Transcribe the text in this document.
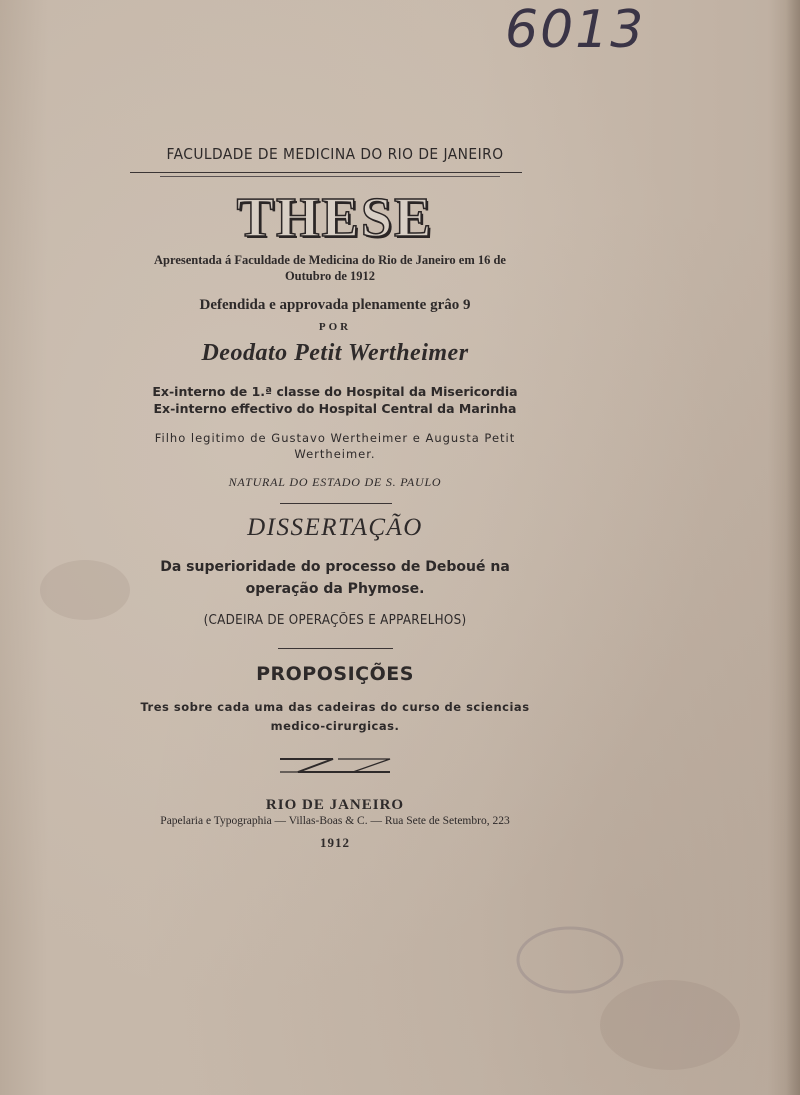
6013
FACULDADE DE MEDICINA DO RIO DE JANEIRO
THESE
Apresentada á Faculdade de Medicina do Rio de Janeiro em 16 de Outubro de 1912
Defendida e approvada plenamente grâo 9
POR
Deodato Petit Wertheimer
Ex-interno de 1.ª classe do Hospital da Misericordia
Ex-interno effectivo do Hospital Central da Marinha
Filho legitimo de Gustavo Wertheimer e Augusta Petit Wertheimer.
NATURAL DO ESTADO DE S. PAULO
DISSERTAÇÃO
Da superioridade do processo de Deboué na operação da Phymose.
(CADEIRA DE OPERAÇÕES E APPARELHOS)
PROPOSIÇÕES
Tres sobre cada uma das cadeiras do curso de sciencias medico-cirurgicas.
RIO DE JANEIRO
Papelaria e Typographia — Villas-Boas & C. — Rua Sete de Setembro, 223
1912
